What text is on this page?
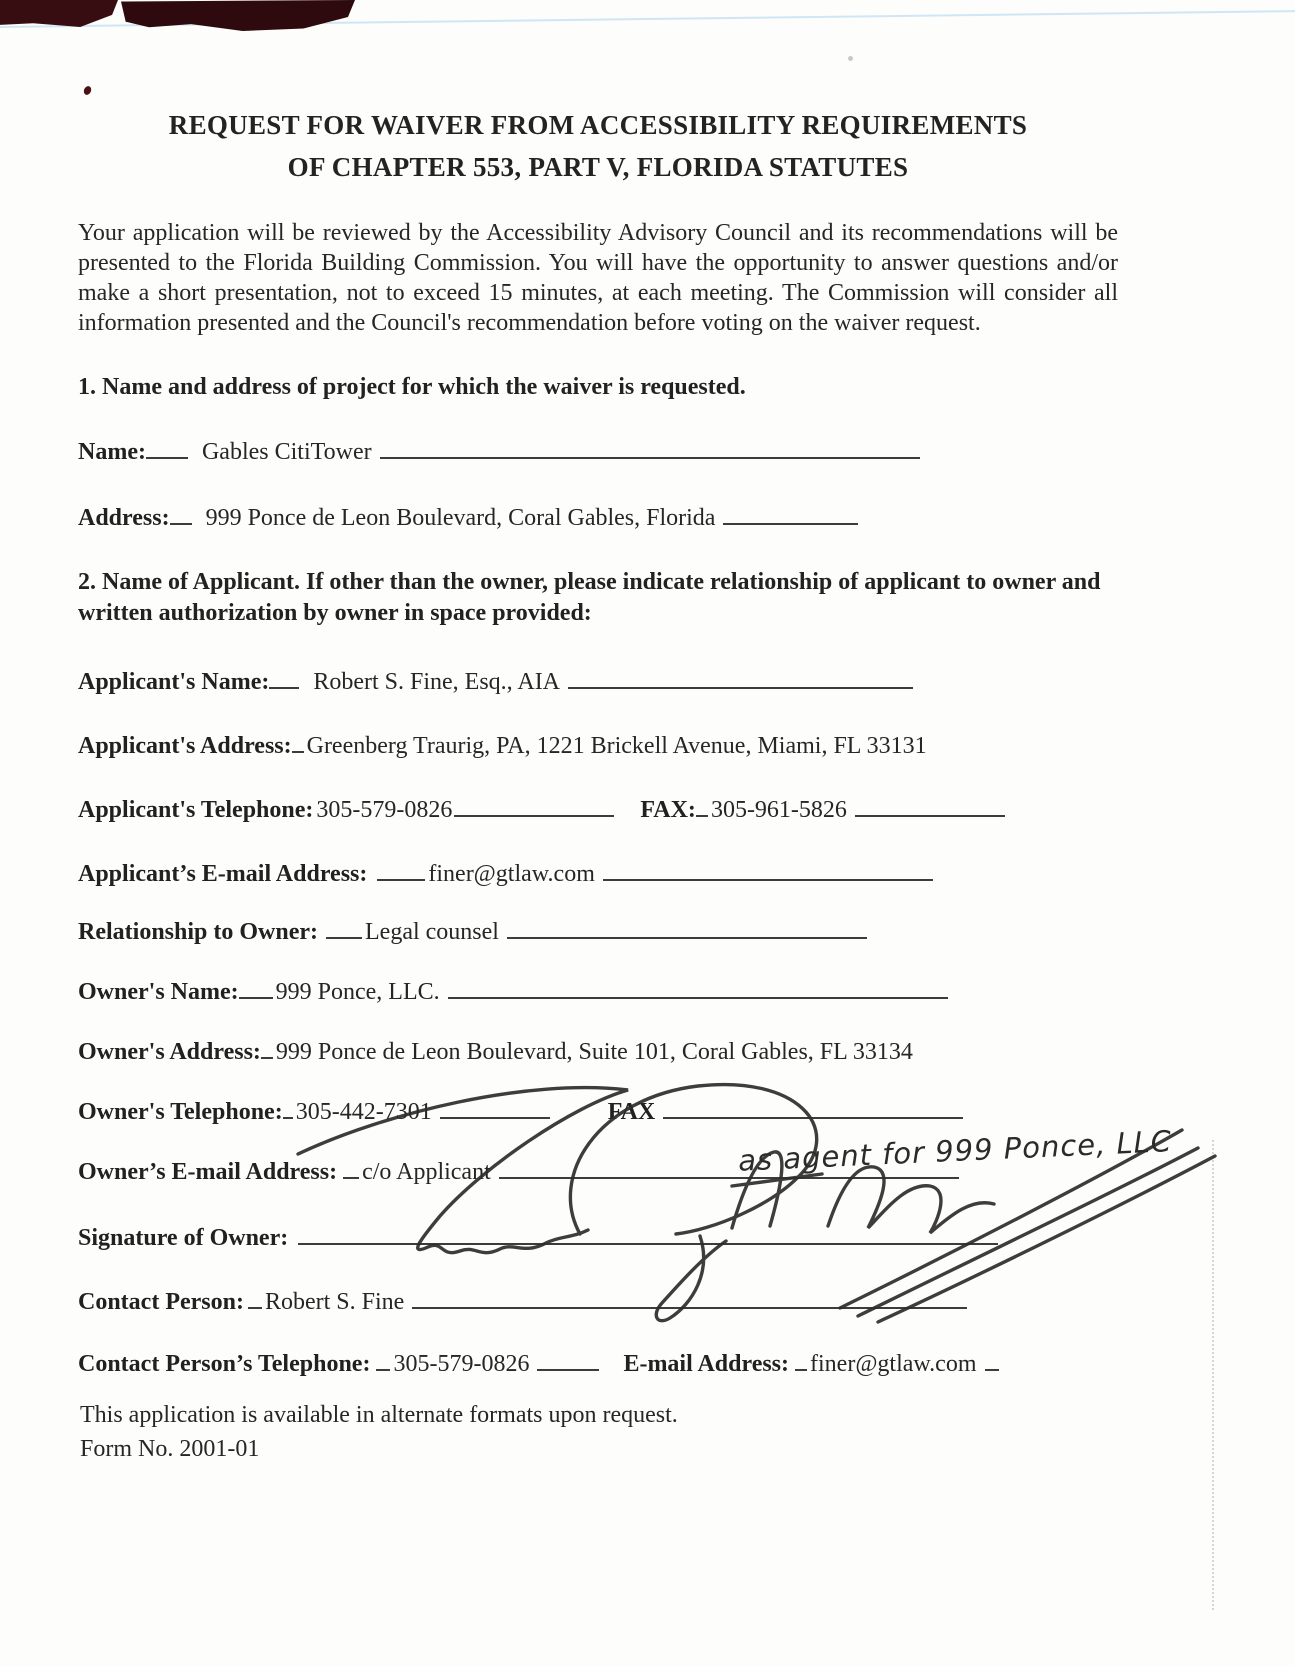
REQUEST FOR WAIVER FROM ACCESSIBILITY REQUIREMENTS
OF CHAPTER 553, PART V, FLORIDA STATUTES

Your application will be reviewed by the Accessibility Advisory Council and its recommendations will be presented to the Florida Building Commission. You will have the opportunity to answer questions and/or make a short presentation, not to exceed 15 minutes, at each meeting. The Commission will consider all information presented and the Council's recommendation before voting on the waiver request.

1. Name and address of project for which the waiver is requested.

Name: Gables CitiTower
Address: 999 Ponce de Leon Boulevard, Coral Gables, Florida

2. Name of Applicant. If other than the owner, please indicate relationship of applicant to owner and written authorization by owner in space provided:

Applicant's Name: Robert S. Fine, Esq., AIA
Applicant's Address: Greenberg Traurig, PA, 1221 Brickell Avenue, Miami, FL 33131
Applicant's Telephone: 305-579-0826	FAX: 305-961-5826
Applicant’s E-mail Address:	finer@gtlaw.com
Relationship to Owner: Legal counsel
Owner's Name: 999 Ponce, LLC.
Owner's Address: 999 Ponce de Leon Boulevard, Suite 101, Coral Gables, FL 33134
Owner's Telephone: 305-442-7301	FAX
Owner’s E-mail Address: c/o Applicant
Signature of Owner:
Contact Person: Robert S. Fine
Contact Person’s Telephone: 305-579-0826	E-mail Address: finer@gtlaw.com
as agent for 999 Ponce, LLC
This application is available in alternate formats upon request.
Form No. 2001-01
